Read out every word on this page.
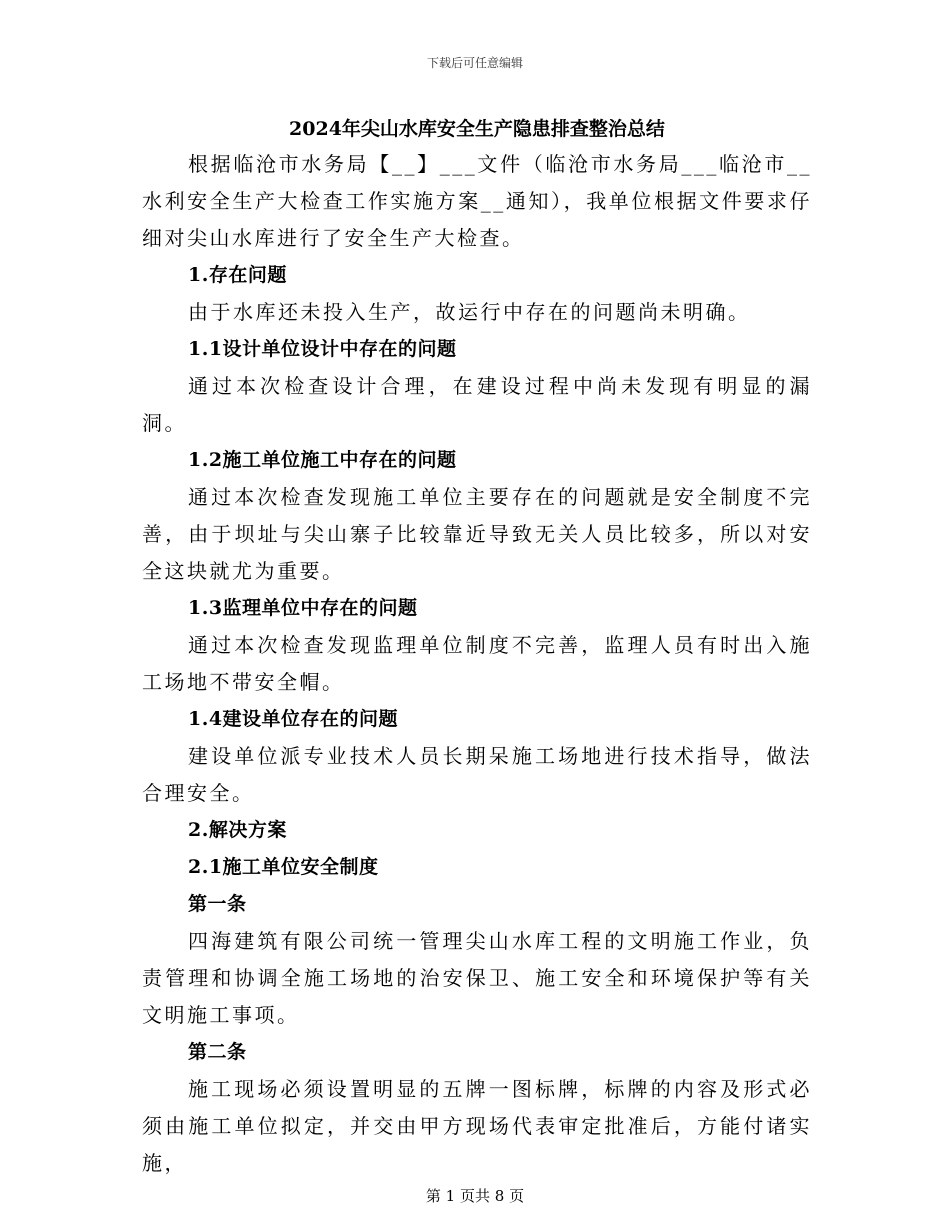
下载后可任意编辑
2024年尖山水库安全生产隐患排查整治总结

根据临沧市水务局【__】___文件（临沧市水务局___临沧市__水利安全生产大检查工作实施方案__通知），我单位根据文件要求仔细对尖山水库进行了安全生产大检查。

1.存在问题

由于水库还未投入生产，故运行中存在的问题尚未明确。

1.1设计单位设计中存在的问题

通过本次检查设计合理，在建设过程中尚未发现有明显的漏洞。

1.2施工单位施工中存在的问题

通过本次检查发现施工单位主要存在的问题就是安全制度不完善，由于坝址与尖山寨子比较靠近导致无关人员比较多，所以对安全这块就尤为重要。

1.3监理单位中存在的问题

通过本次检查发现监理单位制度不完善，监理人员有时出入施工场地不带安全帽。

1.4建设单位存在的问题

建设单位派专业技术人员长期呆施工场地进行技术指导，做法合理安全。

2.解决方案
2.1施工单位安全制度
第一条

四海建筑有限公司统一管理尖山水库工程的文明施工作业，负责管理和协调全施工场地的治安保卫、施工安全和环境保护等有关文明施工事项。

第二条

施工现场必须设置明显的五牌一图标牌，标牌的内容及形式必须由施工单位拟定，并交由甲方现场代表审定批准后，方能付诸实施，

第 1 页共 8 页
